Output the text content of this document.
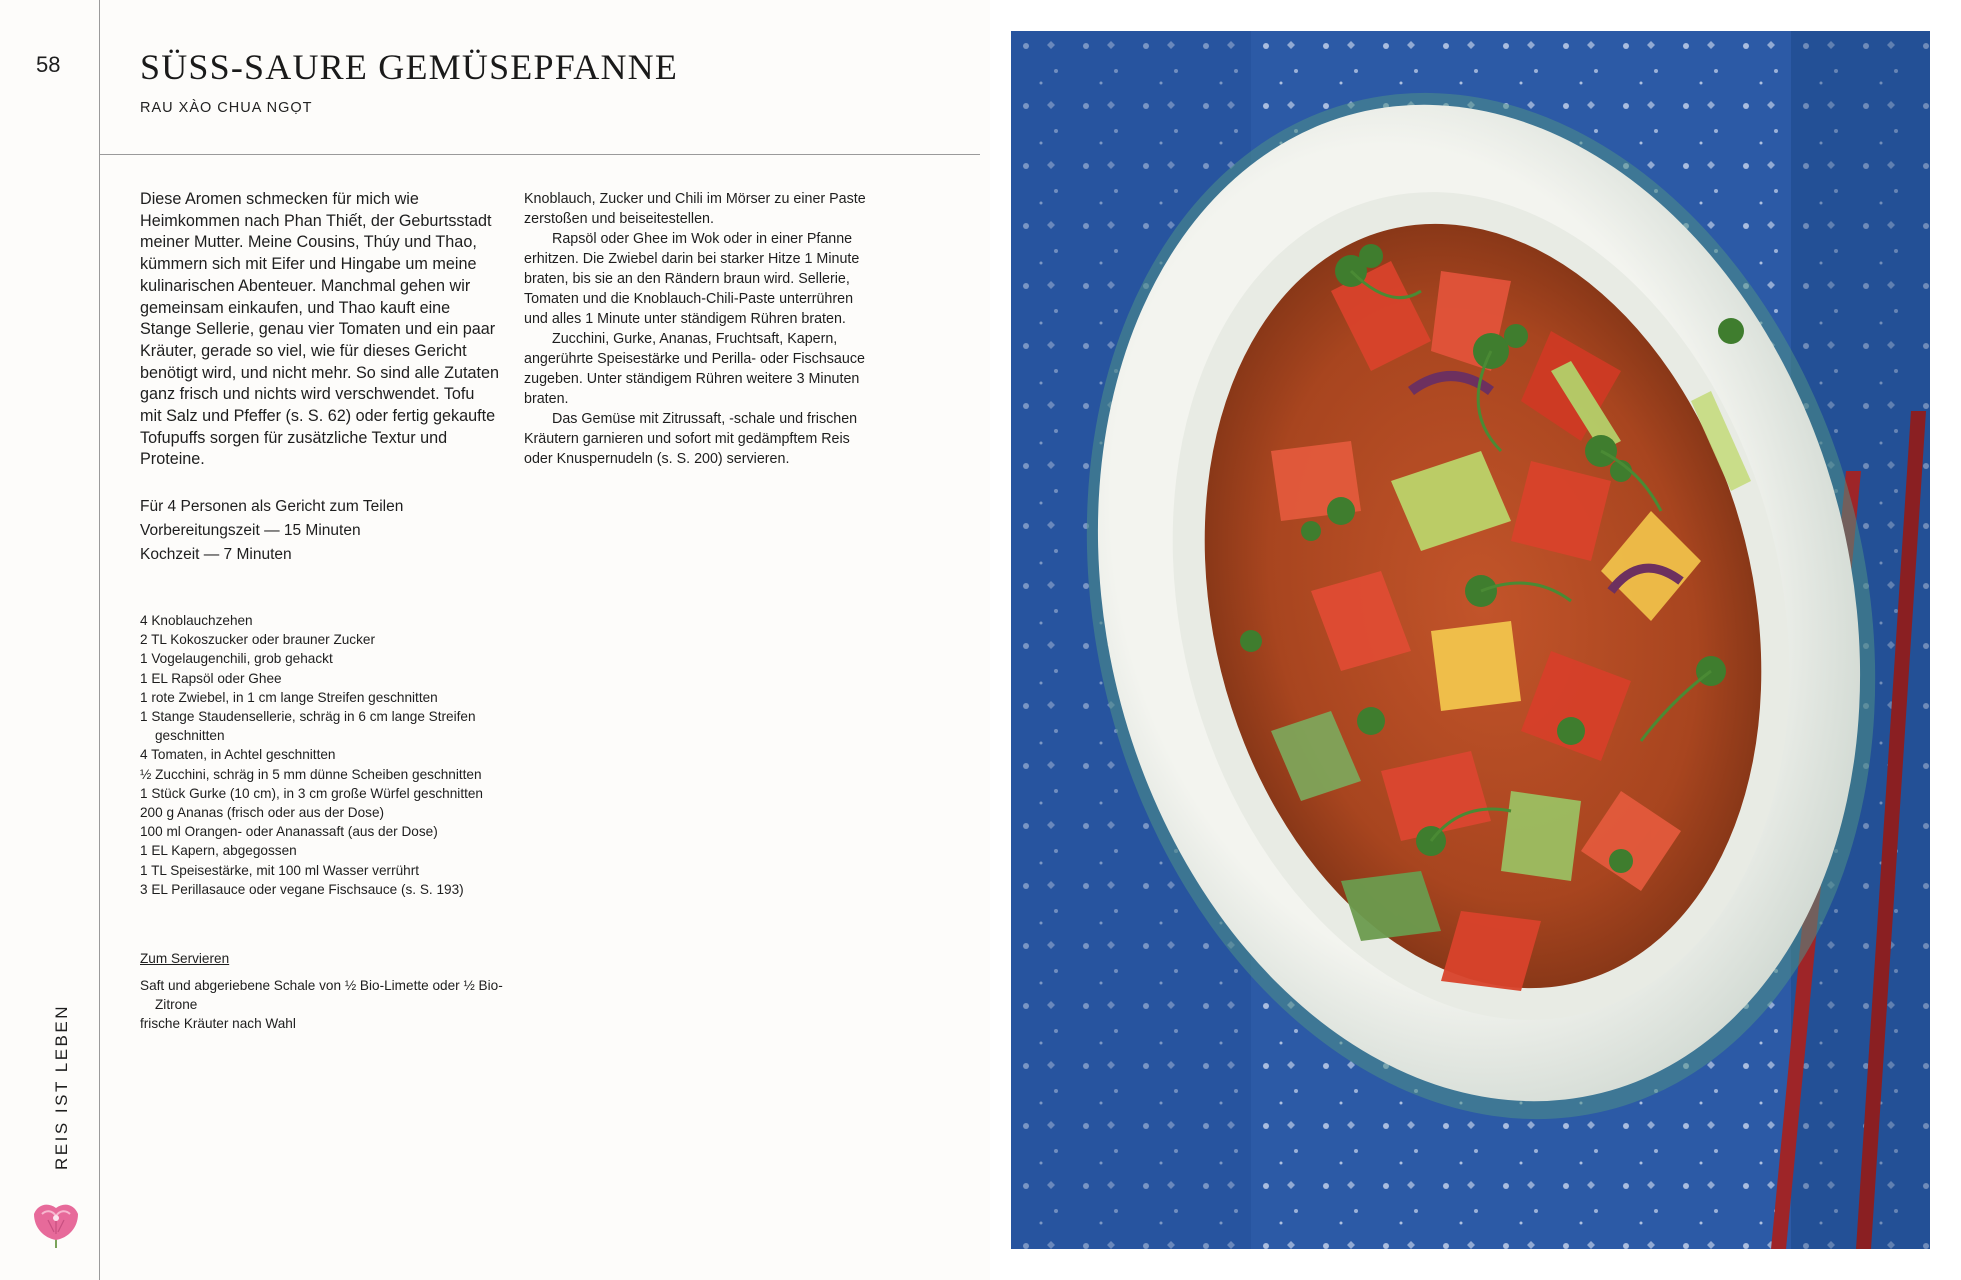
58 SÜSS-SAURE GEMÜSEPFANNE
RAU XÀO CHUA NGỌT
Diese Aromen schmecken für mich wie Heimkommen nach Phan Thiết, der Geburtsstadt meiner Mutter. Meine Cousins, Thúy und Thao, kümmern sich mit Eifer und Hingabe um meine kulinarischen Abenteuer. Manchmal gehen wir gemeinsam einkaufen, und Thao kauft eine Stange Sellerie, genau vier Tomaten und ein paar Kräuter, gerade so viel, wie für dieses Gericht benötigt wird, und nicht mehr. So sind alle Zutaten ganz frisch und nichts wird verschwendet. Tofu mit Salz und Pfeffer (s. S. 62) oder fertig gekaufte Tofupuffs sorgen für zusätzliche Textur und Proteine.
Für 4 Personen als Gericht zum Teilen
Vorbereitungszeit — 15 Minuten
Kochzeit — 7 Minuten
4 Knoblauchzehen
2 TL Kokoszucker oder brauner Zucker
1 Vogelaugenchili, grob gehackt
1 EL Rapsöl oder Ghee
1 rote Zwiebel, in 1 cm lange Streifen geschnitten
1 Stange Staudensellerie, schräg in 6 cm lange Streifen geschnitten
4 Tomaten, in Achtel geschnitten
½ Zucchini, schräg in 5 mm dünne Scheiben geschnitten
1 Stück Gurke (10 cm), in 3 cm große Würfel geschnitten
200 g Ananas (frisch oder aus der Dose)
100 ml Orangen- oder Ananassaft (aus der Dose)
1 EL Kapern, abgegossen
1 TL Speisestärke, mit 100 ml Wasser verrührt
3 EL Perillasauce oder vegane Fischsauce (s. S. 193)
Zum Servieren
Saft und abgeriebene Schale von ½ Bio-Limette oder ½ Bio-Zitrone
frische Kräuter nach Wahl

Knoblauch, Zucker und Chili im Mörser zu einer Paste zerstoßen und beiseitestellen.

Rapsöl oder Ghee im Wok oder in einer Pfanne erhitzen. Die Zwiebel darin bei starker Hitze 1 Minute braten, bis sie an den Rändern braun wird. Sellerie, Tomaten und die Knoblauch-Chili-Paste unterrühren und alles 1 Minute unter ständigem Rühren braten.

Zucchini, Gurke, Ananas, Fruchtsaft, Kapern, angerührte Speisestärke und Perilla- oder Fischsauce zugeben. Unter ständigem Rühren weitere 3 Minuten braten.

Das Gemüse mit Zitrussaft, -schale und frischen Kräutern garnieren und sofort mit gedämpftem Reis oder Knuspernudeln (s. S. 200) servieren.

REIS IST LEBEN
